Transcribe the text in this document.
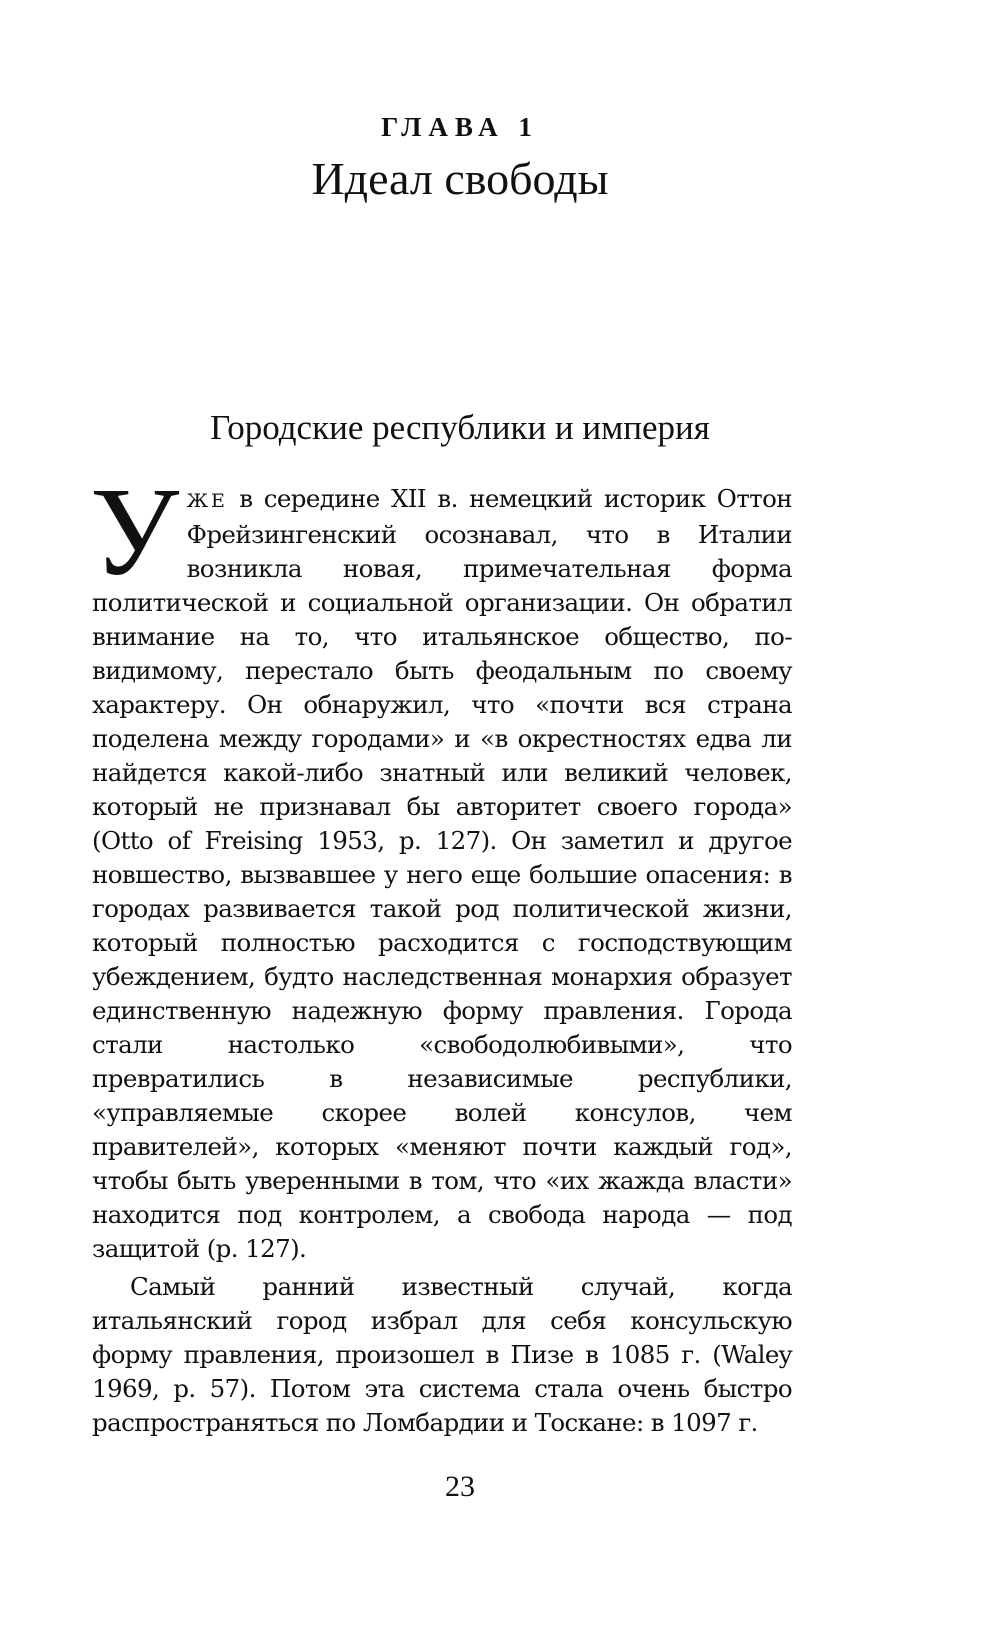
ГЛАВА 1
Идеал свободы
Городские республики и империя

УЖЕ в середине XII в. немецкий историк Оттон Фрейзингенский осознавал, что в Италии возникла новая, примечательная форма политической и социальной организации. Он обратил внимание на то, что итальянское общество, по-видимому, перестало быть феодальным по своему характеру. Он обнаружил, что «почти вся страна поделена между городами» и «в окрестностях едва ли найдется какой-либо знатный или великий человек, который не признавал бы авторитет своего города» (Otto of Freising 1953, p. 127). Он заметил и другое новшество, вызвавшее у него еще большие опасения: в городах развивается такой род политической жизни, который полностью расходится с господствующим убеждением, будто наследственная монархия образует единственную надежную форму правления. Города стали настолько «свободолюбивыми», что превратились в независимые республики, «управляемые скорее волей консулов, чем правителей», которых «меняют почти каждый год», чтобы быть уверенными в том, что «их жажда власти» находится под контролем, а свобода народа — под защитой (p. 127).

Самый ранний известный случай, когда итальянский город избрал для себя консульскую форму правления, произошел в Пизе в 1085 г. (Waley 1969, p. 57). Потом эта система стала очень быстро распространяться по Ломбардии и Тоскане: в 1097 г.

23
